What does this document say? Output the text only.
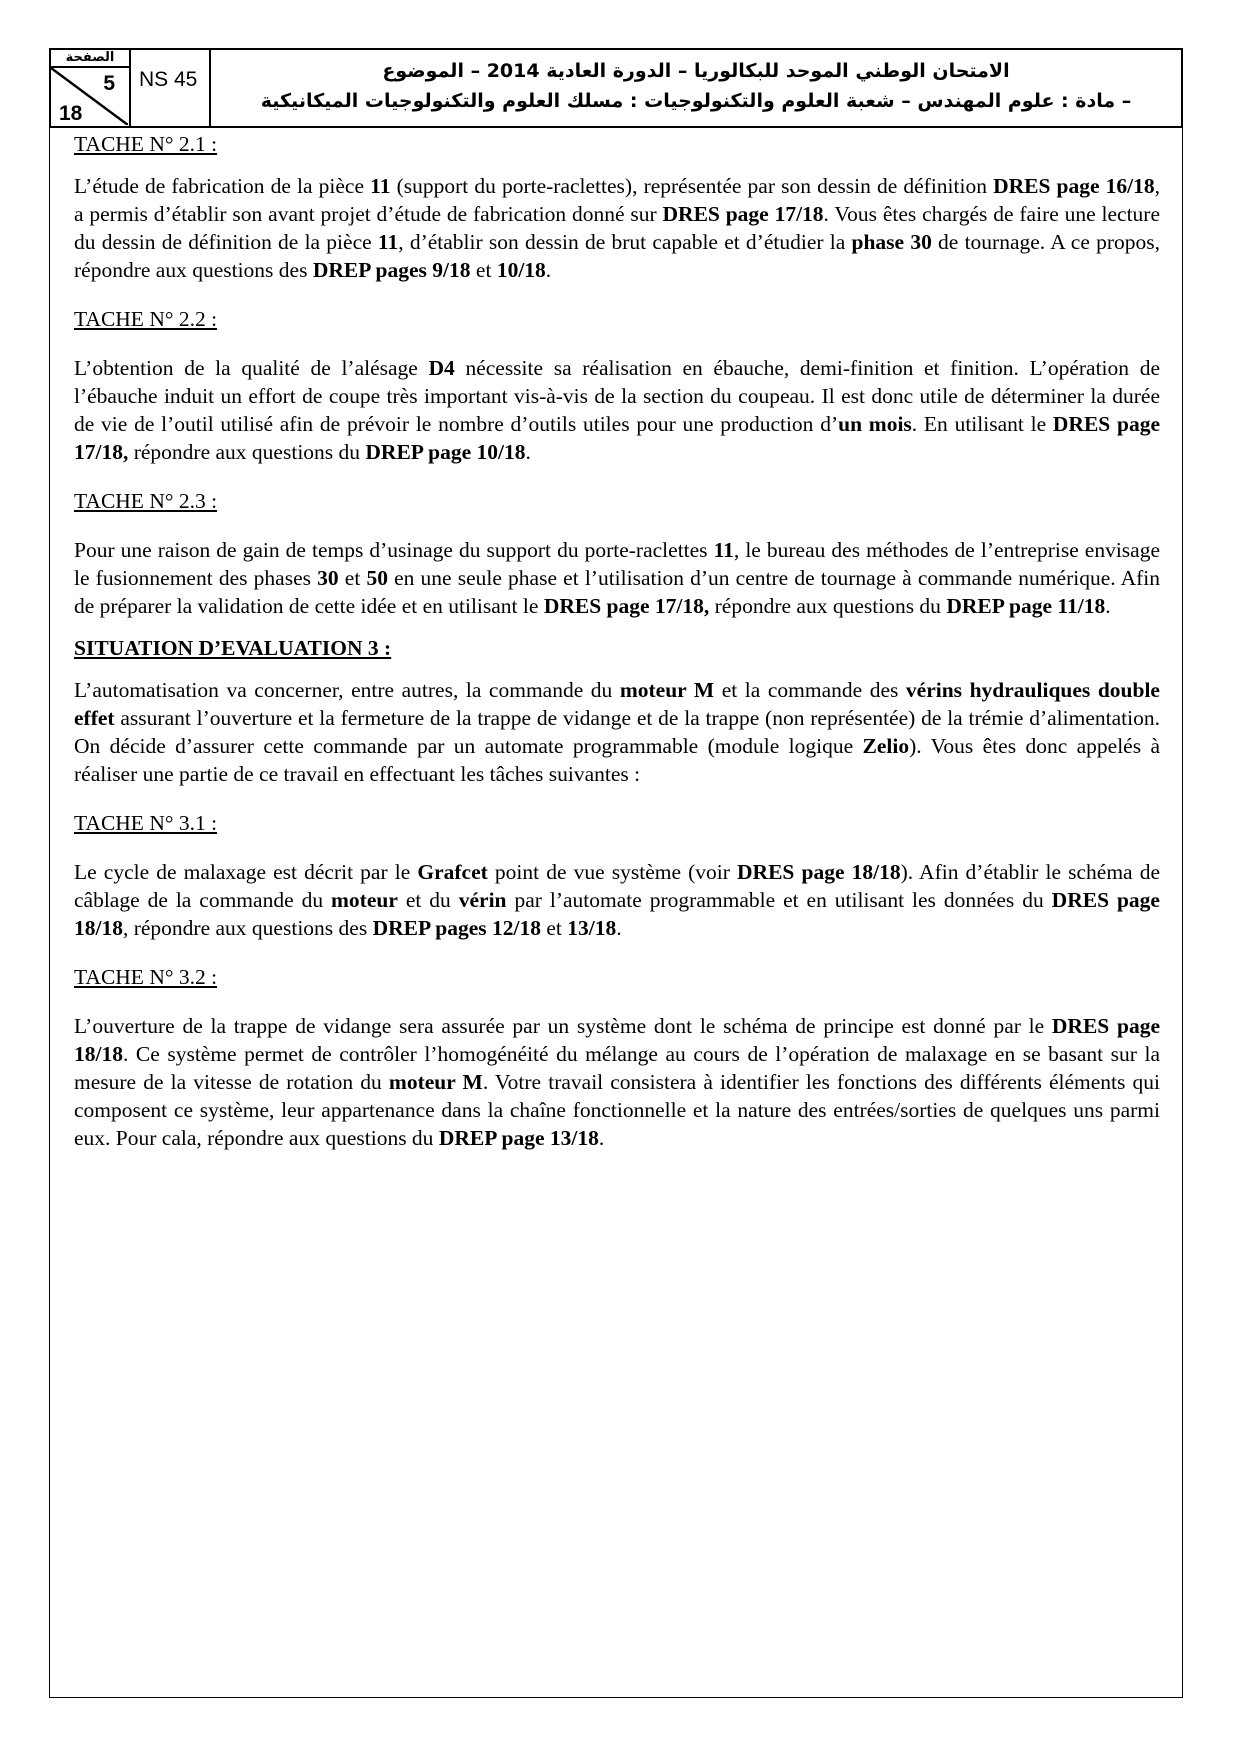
الصفحة
5
18
NS 45	الامتحان الوطني الموحد للبكالوريا – الدورة العادية 2014 – الموضوع
– مادة : علوم المهندس – شعبة العلوم والتكنولوجيات : مسلك العلوم والتكنولوجيات الميكانيكية
TACHE N° 2.1 :

L’étude de fabrication de la pièce 11 (support du porte-raclettes), représentée par son dessin de définition DRES page 16/18, a permis d’établir son avant projet d’étude de fabrication donné sur DRES page 17/18. Vous êtes chargés de faire une lecture du dessin de définition de la pièce 11, d’établir son dessin de brut capable et d’étudier la phase 30 de tournage. A ce propos, répondre aux questions des DREP pages 9/18 et 10/18.

TACHE N° 2.2 :

L’obtention de la qualité de l’alésage D4 nécessite sa réalisation en ébauche, demi-finition et finition. L’opération de l’ébauche induit un effort de coupe très important vis-à-vis de la section du coupeau. Il est donc utile de déterminer la durée de vie de l’outil utilisé afin de prévoir le nombre d’outils utiles pour une production d’un mois. En utilisant le DRES page 17/18, répondre aux questions du DREP page 10/18.

TACHE N° 2.3 :

Pour une raison de gain de temps d’usinage du support du porte-raclettes 11, le bureau des méthodes de l’entreprise envisage le fusionnement des phases 30 et 50 en une seule phase et l’utilisation d’un centre de tournage à commande numérique. Afin de préparer la validation de cette idée et en utilisant le DRES page 17/18, répondre aux questions du DREP page 11/18.

SITUATION D’EVALUATION 3 :

L’automatisation va concerner, entre autres, la commande du moteur M et la commande des vérins hydrauliques double effet assurant l’ouverture et la fermeture de la trappe de vidange et de la trappe (non représentée) de la trémie d’alimentation. On décide d’assurer cette commande par un automate programmable (module logique Zelio). Vous êtes donc appelés à réaliser une partie de ce travail en effectuant les tâches suivantes :

TACHE N° 3.1 :

Le cycle de malaxage est décrit par le Grafcet point de vue système (voir DRES page 18/18). Afin d’établir le schéma de câblage de la commande du moteur et du vérin par l’automate programmable et en utilisant les données du DRES page 18/18, répondre aux questions des DREP pages 12/18 et 13/18.

TACHE N° 3.2 :

L’ouverture de la trappe de vidange sera assurée par un système dont le schéma de principe est donné par le DRES page 18/18. Ce système permet de contrôler l’homogénéité du mélange au cours de l’opération de malaxage en se basant sur la mesure de la vitesse de rotation du moteur M. Votre travail consistera à identifier les fonctions des différents éléments qui composent ce système, leur appartenance dans la chaîne fonctionnelle et la nature des entrées/sorties de quelques uns parmi eux. Pour cala, répondre aux questions du DREP page 13/18.
